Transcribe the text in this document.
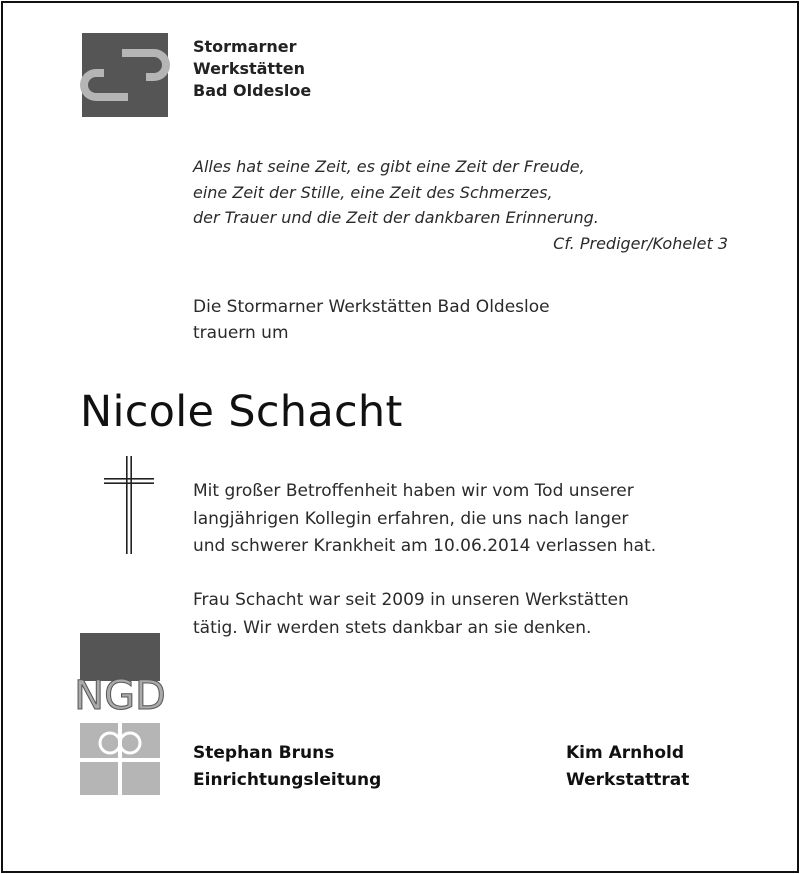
Stormarner
Werkstätten
Bad Oldesloe
Alles hat seine Zeit, es gibt eine Zeit der Freude,
eine Zeit der Stille, eine Zeit des Schmerzes,
der Trauer und die Zeit der dankbaren Erinnerung.
Cf. Prediger/Kohelet 3
Die Stormarner Werkstätten Bad Oldesloe
trauern um
Nicole Schacht
Mit großer Betroffenheit haben wir vom Tod unserer
langjährigen Kollegin erfahren, die uns nach langer
und schwerer Krankheit am 10.06.2014 verlassen hat.
Frau Schacht war seit 2009 in unseren Werkstätten
tätig. Wir werden stets dankbar an sie denken.
NGD
Stephan Bruns
Einrichtungsleitung
Kim Arnhold
Werkstattrat
